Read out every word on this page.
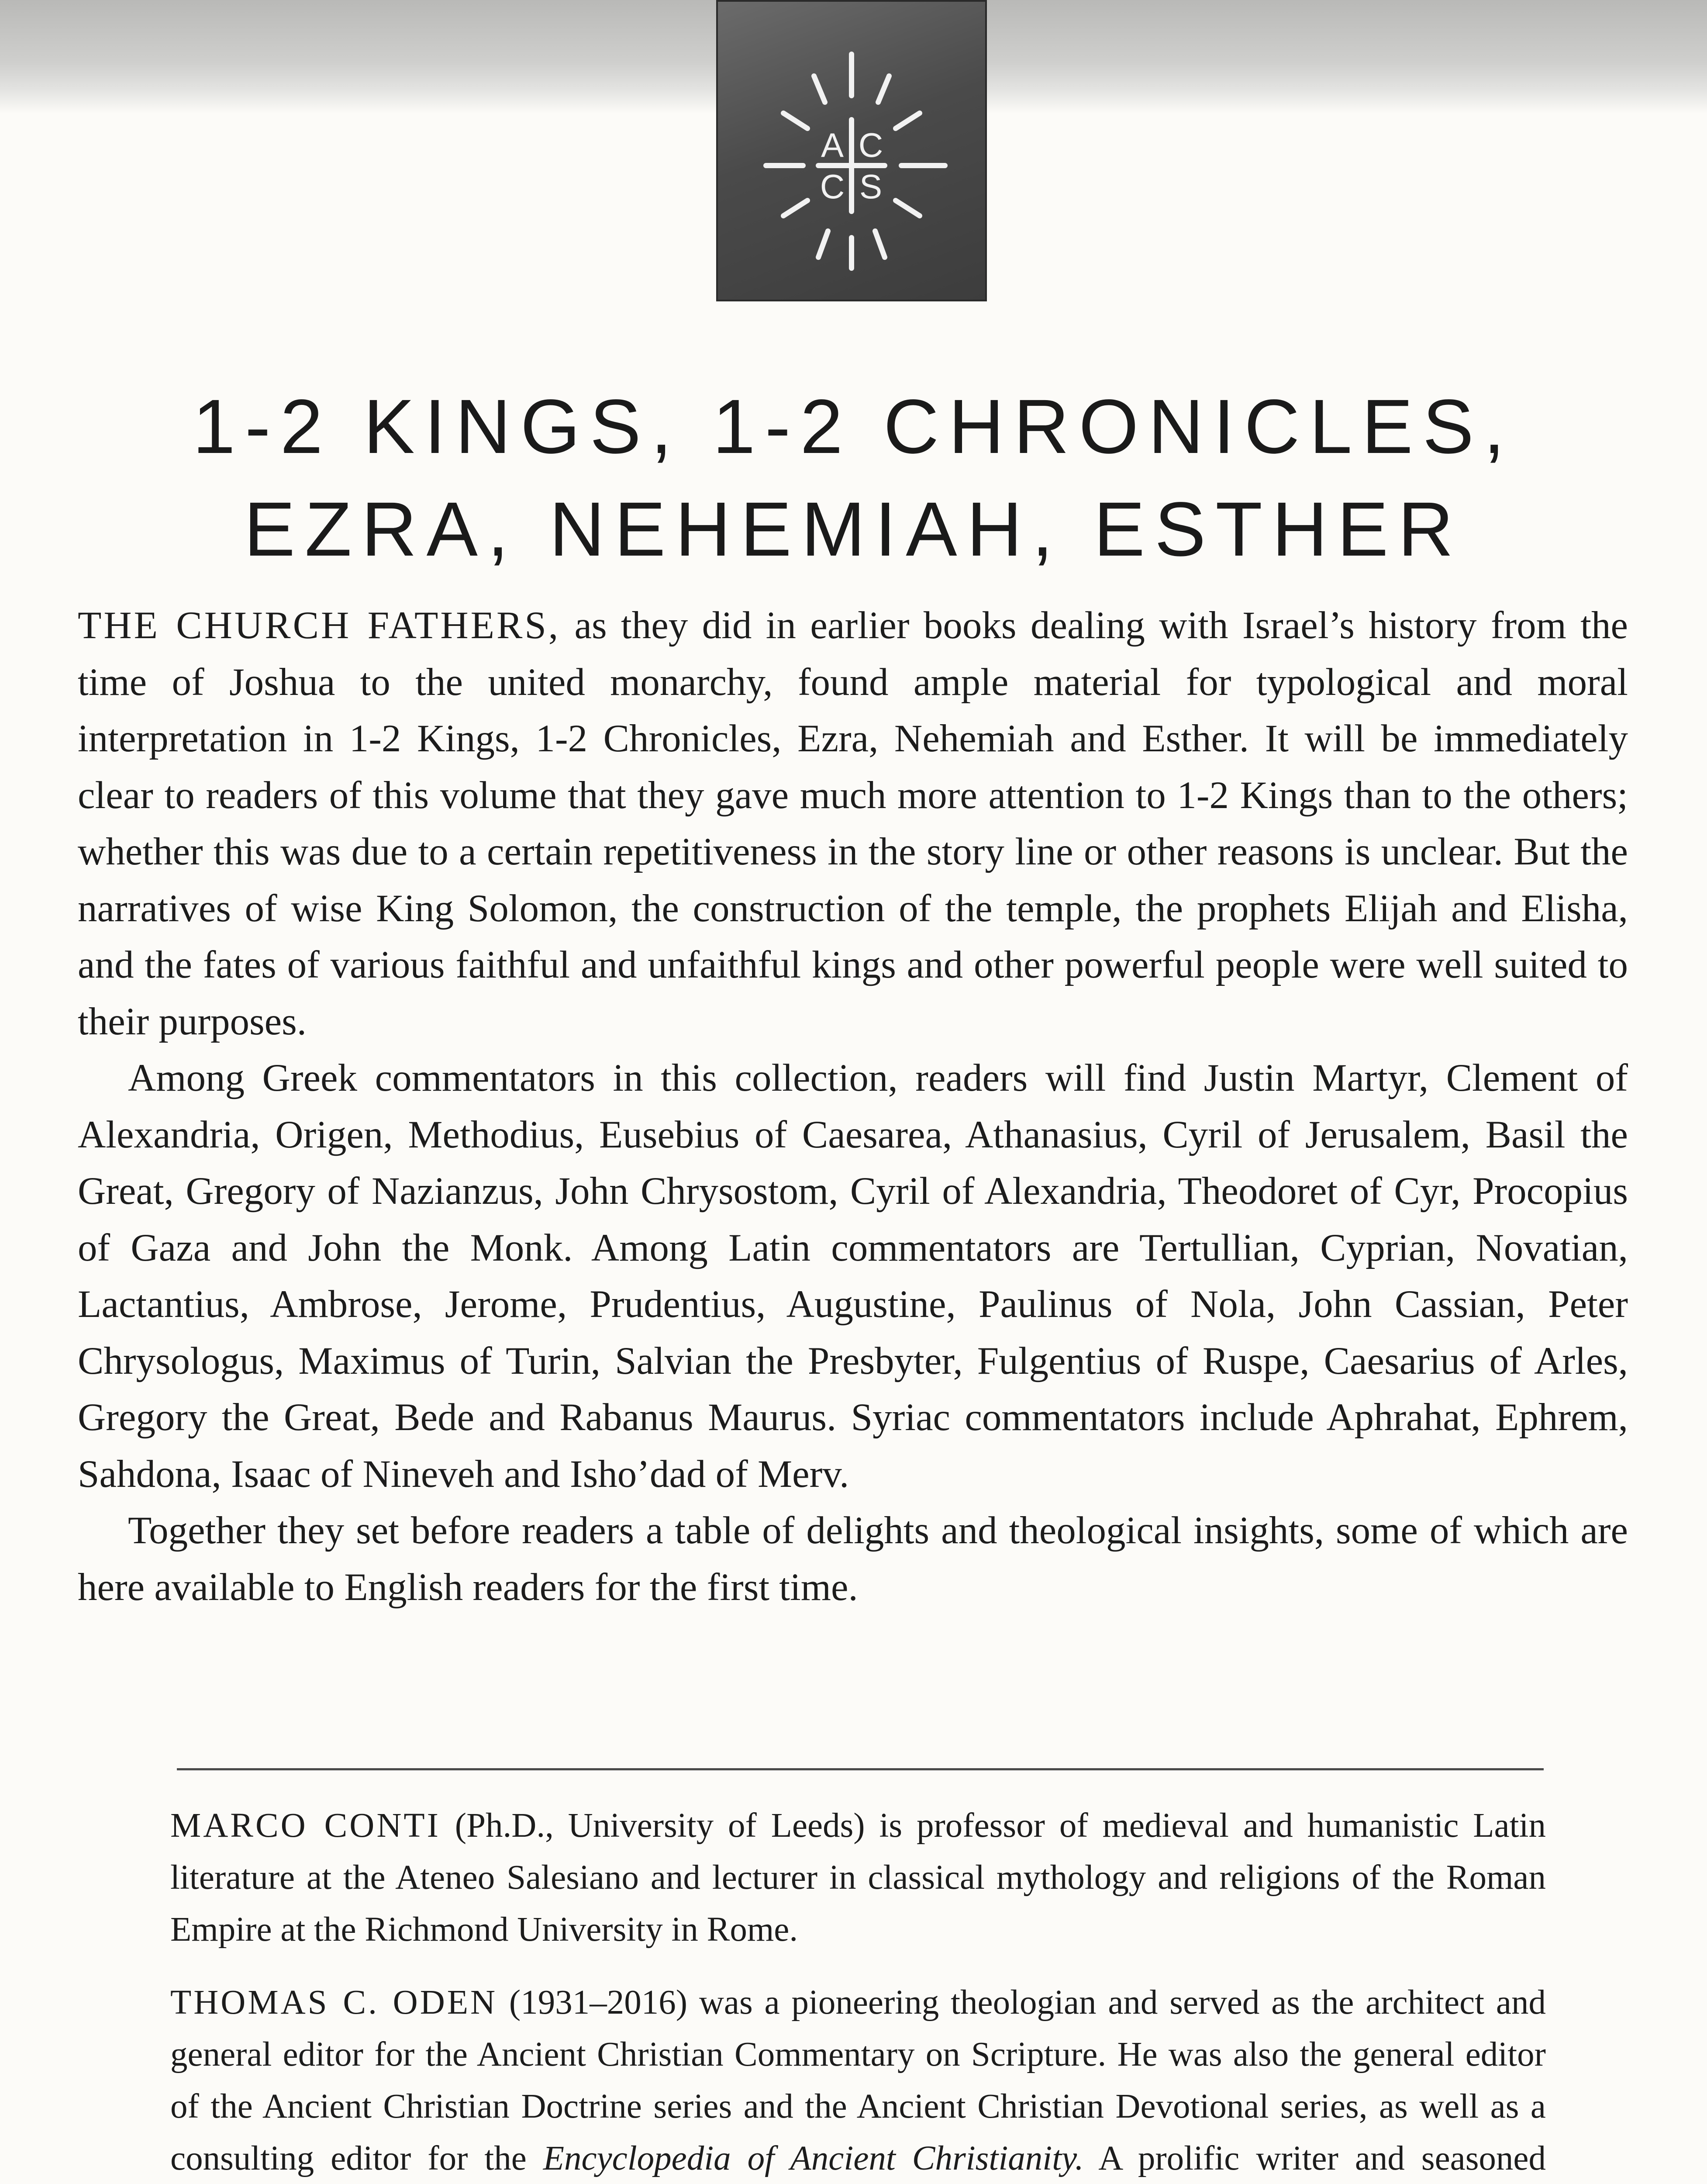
A C
C S
1-2 KINGS, 1-2 CHRONICLES,
EZRA, NEHEMIAH, ESTHER

THE CHURCH FATHERS, as they did in earlier books dealing with Israel’s history from the time of Joshua to the united monarchy, found ample material for typological and moral interpretation in 1-2 Kings, 1-2 Chronicles, Ezra, Nehemiah and Esther. It will be immediately clear to readers of this volume that they gave much more attention to 1-2 Kings than to the others; whether this was due to a certain repetitiveness in the story line or other reasons is unclear. But the narratives of wise King Solomon, the construction of the temple, the prophets Elijah and Elisha, and the fates of various faithful and unfaithful kings and other powerful people were well suited to their purposes.

Among Greek commentators in this collection, readers will find Justin Martyr, Clement of Alexandria, Origen, Methodius, Eusebius of Caesarea, Athanasius, Cyril of Jerusalem, Basil the Great, Gregory of Nazianzus, John Chrysostom, Cyril of Alexandria, Theodoret of Cyr, Procopius of Gaza and John the Monk. Among Latin commentators are Tertullian, Cyprian, Novatian, Lactantius, Ambrose, Jerome, Prudentius, Augustine, Paulinus of Nola, John Cassian, Peter Chrysologus, Maximus of Turin, Salvian the Presbyter, Fulgentius of Ruspe, Caesarius of Arles, Gregory the Great, Bede and Rabanus Maurus. Syriac commentators include Aphrahat, Ephrem, Sahdona, Isaac of Nineveh and Isho’dad of Merv.

Together they set before readers a table of delights and theological insights, some of which are here available to English readers for the first time.

MARCO CONTI (Ph.D., University of Leeds) is professor of medieval and humanistic Latin literature at the Ateneo Salesiano and lecturer in classical mythology and religions of the Roman Empire at the Richmond University in Rome.

THOMAS C. ODEN (1931–2016) was a pioneering theologian and served as the architect and general editor for the Ancient Christian Commentary on Scripture. He was also the general editor of the Ancient Christian Doctrine series and the Ancient Christian Devotional series, as well as a consulting editor for the Encyclopedia of Ancient Christianity. A prolific writer and seasoned
